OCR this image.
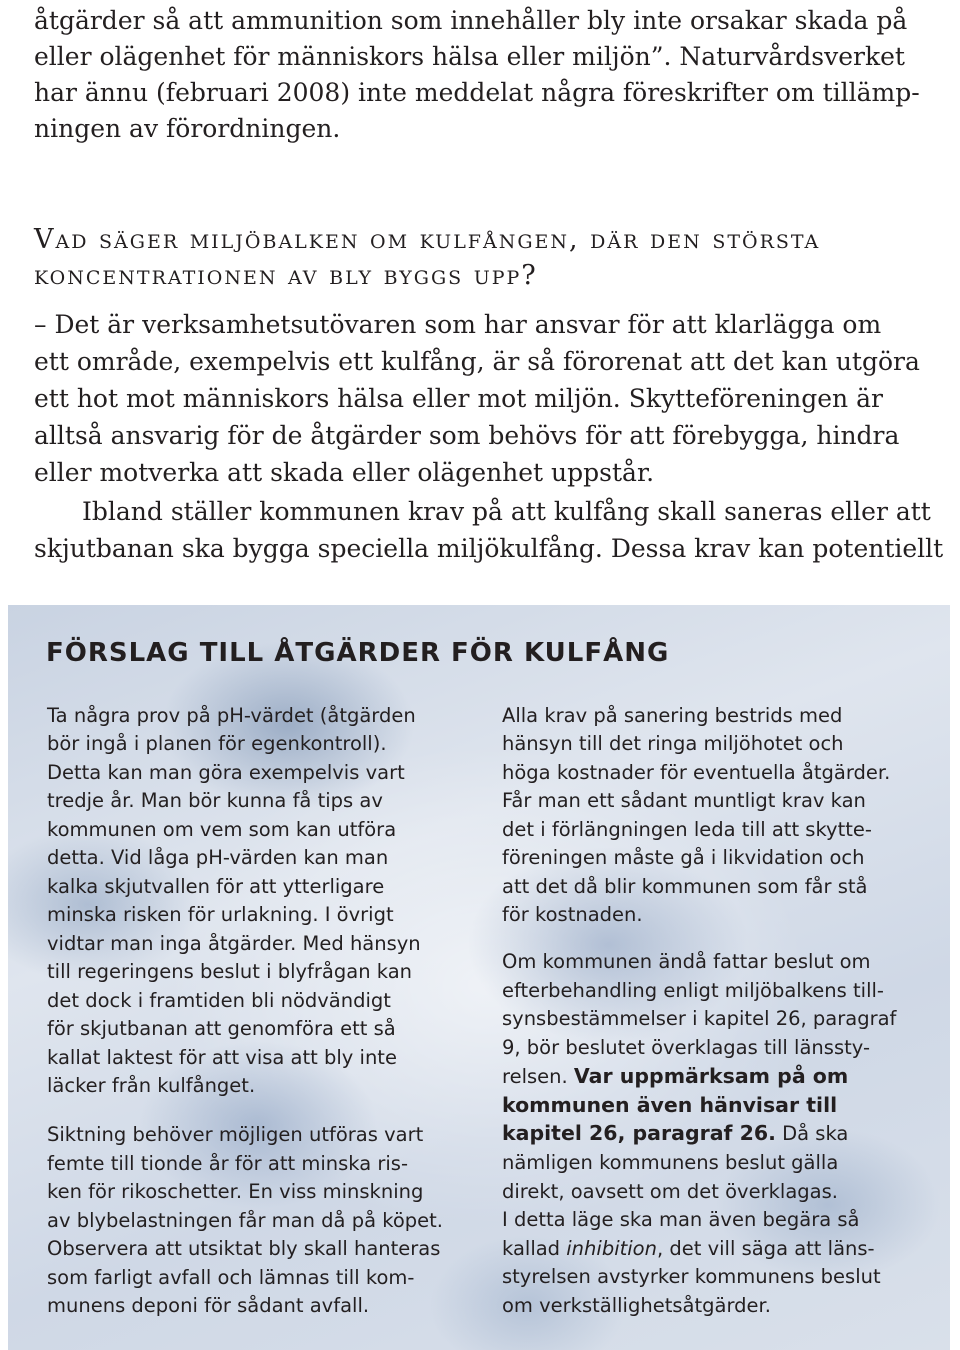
åtgärder så att ammunition som innehåller bly inte orsakar skada på
eller olägenhet för människors hälsa eller miljön”. Naturvårdsverket
har ännu (februari 2008) inte meddelat några föreskrifter om tillämp-
ningen av förordningen.
Vad säger miljöbalken om kulfången, där den största
koncentrationen av bly byggs upp?
– Det är verksamhetsutövaren som har ansvar för att klarlägga om
ett område, exempelvis ett kulfång, är så förorenat att det kan utgöra
ett hot mot människors hälsa eller mot miljön. Skytteföreningen är
alltså ansvarig för de åtgärder som behövs för att förebygga, hindra
eller motverka att skada eller olägenhet uppstår.
Ibland ställer kommunen krav på att kulfång skall saneras eller att
skjutbanan ska bygga speciella miljökulfång. Dessa krav kan potentiellt
FÖRSLAG TILL ÅTGÄRDER FÖR KULFÅNG
Ta några prov på pH-värdet (åtgärden
bör ingå i planen för egenkontroll).
Detta kan man göra exempelvis vart
tredje år. Man bör kunna få tips av
kommunen om vem som kan utföra
detta. Vid låga pH-värden kan man
kalka skjutvallen för att ytterligare
minska risken för urlakning. I övrigt
vidtar man inga åtgärder. Med hänsyn
till regeringens beslut i blyfrågan kan
det dock i framtiden bli nödvändigt
för skjutbanan att genomföra ett så
kallat laktest för att visa att bly inte
läcker från kulfånget.
Siktning behöver möjligen utföras vart
femte till tionde år för att minska ris-
ken för rikoschetter. En viss minskning
av blybelastningen får man då på köpet.
Observera att utsiktat bly skall hanteras
som farligt avfall och lämnas till kom-
munens deponi för sådant avfall.
Alla krav på sanering bestrids med
hänsyn till det ringa miljöhotet och
höga kostnader för eventuella åtgärder.
Får man ett sådant muntligt krav kan
det i förlängningen leda till att skytte-
föreningen måste gå i likvidation och
att det då blir kommunen som får stå
för kostnaden.
Om kommunen ändå fattar beslut om
efterbehandling enligt miljöbalkens till-
synsbestämmelser i kapitel 26, paragraf
9, bör beslutet överklagas till länssty-
relsen. Var uppmärksam på om
kommunen även hänvisar till
kapitel 26, paragraf 26. Då ska
nämligen kommunens beslut gälla
direkt, oavsett om det överklagas.
I detta läge ska man även begära så
kallad inhibition, det vill säga att läns-
styrelsen avstyrker kommunens beslut
om verkställighetsåtgärder.
